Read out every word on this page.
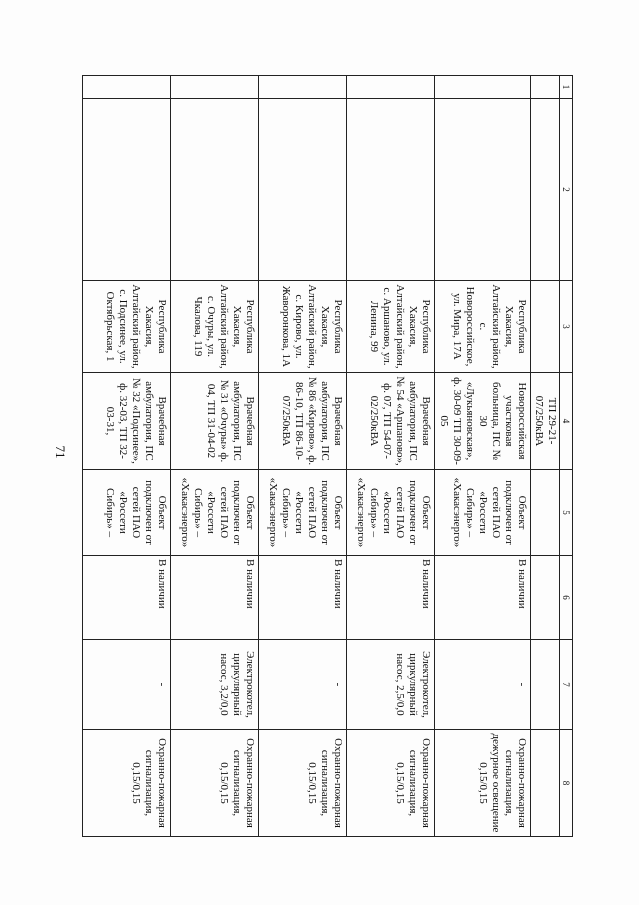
71
1	2	3	4	5	6	7	8
			ТП 29-21-07/250кВА				
		Республика Хакасия, Алтайский район, с. Новороссийское, ул. Мира, 17А	Новороссийская участковая больница, ПС № 30 «Лукьяновская», ф. 30-09 ТП 30-09-05	Объект подключен от сетей ПАО «Россети Сибирь» – «Хакасэнерго»	В наличии	-	Охранно-пожарная сигнализация, дежурное освещение 0,15/0,15
		Республика Хакасия, Алтайский район, с. Аршаново, ул. Ленина, 99	Врачебная амбулатория, ПС № 54 «Аршаново», ф. 07, ТП 54-07-02/250кВА	Объект подключен от сетей ПАО «Россети Сибирь» – «Хакасэнерго»	В наличии	Электрокотел, циркулярный насос, 2,5/0,0	Охранно-пожарная сигнализация, 0,15/0,15
		Республика Хакасия, Алтайский район, с. Кирово, ул. Жаворонкова, 1А	Врачебная амбулатория, ПС № 86 «Кирово», ф. 86-10, ТП 86-10-07/250кВА	Объект подключен от сетей ПАО «Россети Сибирь» – «Хакасэнерго»	В наличии	-	Охранно-пожарная сигнализация, 0,15/0,15
		Республика Хакасия, Алтайский район, с. Очуры, ул. Чкалова, 119	Врачебная амбулатория, ПС № 31 «Очуры» ф. 04, ТП 31-04-02	Объект подключен от сетей ПАО «Россети Сибирь» – «Хакасэнерго»	В наличии	Электрокотел, циркулярный насос, 3,2/0,0	Охранно-пожарная сигнализация, 0,15/0,15
		Республика Хакасия, Алтайский район, с. Подсинее, ул. Октябрьская, 1	Врачебная амбулатория, ПС № 32 «Подсинее», ф. 32-03, ТП 32-03-31,	Объект подключен от сетей ПАО «Россети Сибирь» –	В наличии	-	Охранно-пожарная сигнализация, 0,15/0,15
